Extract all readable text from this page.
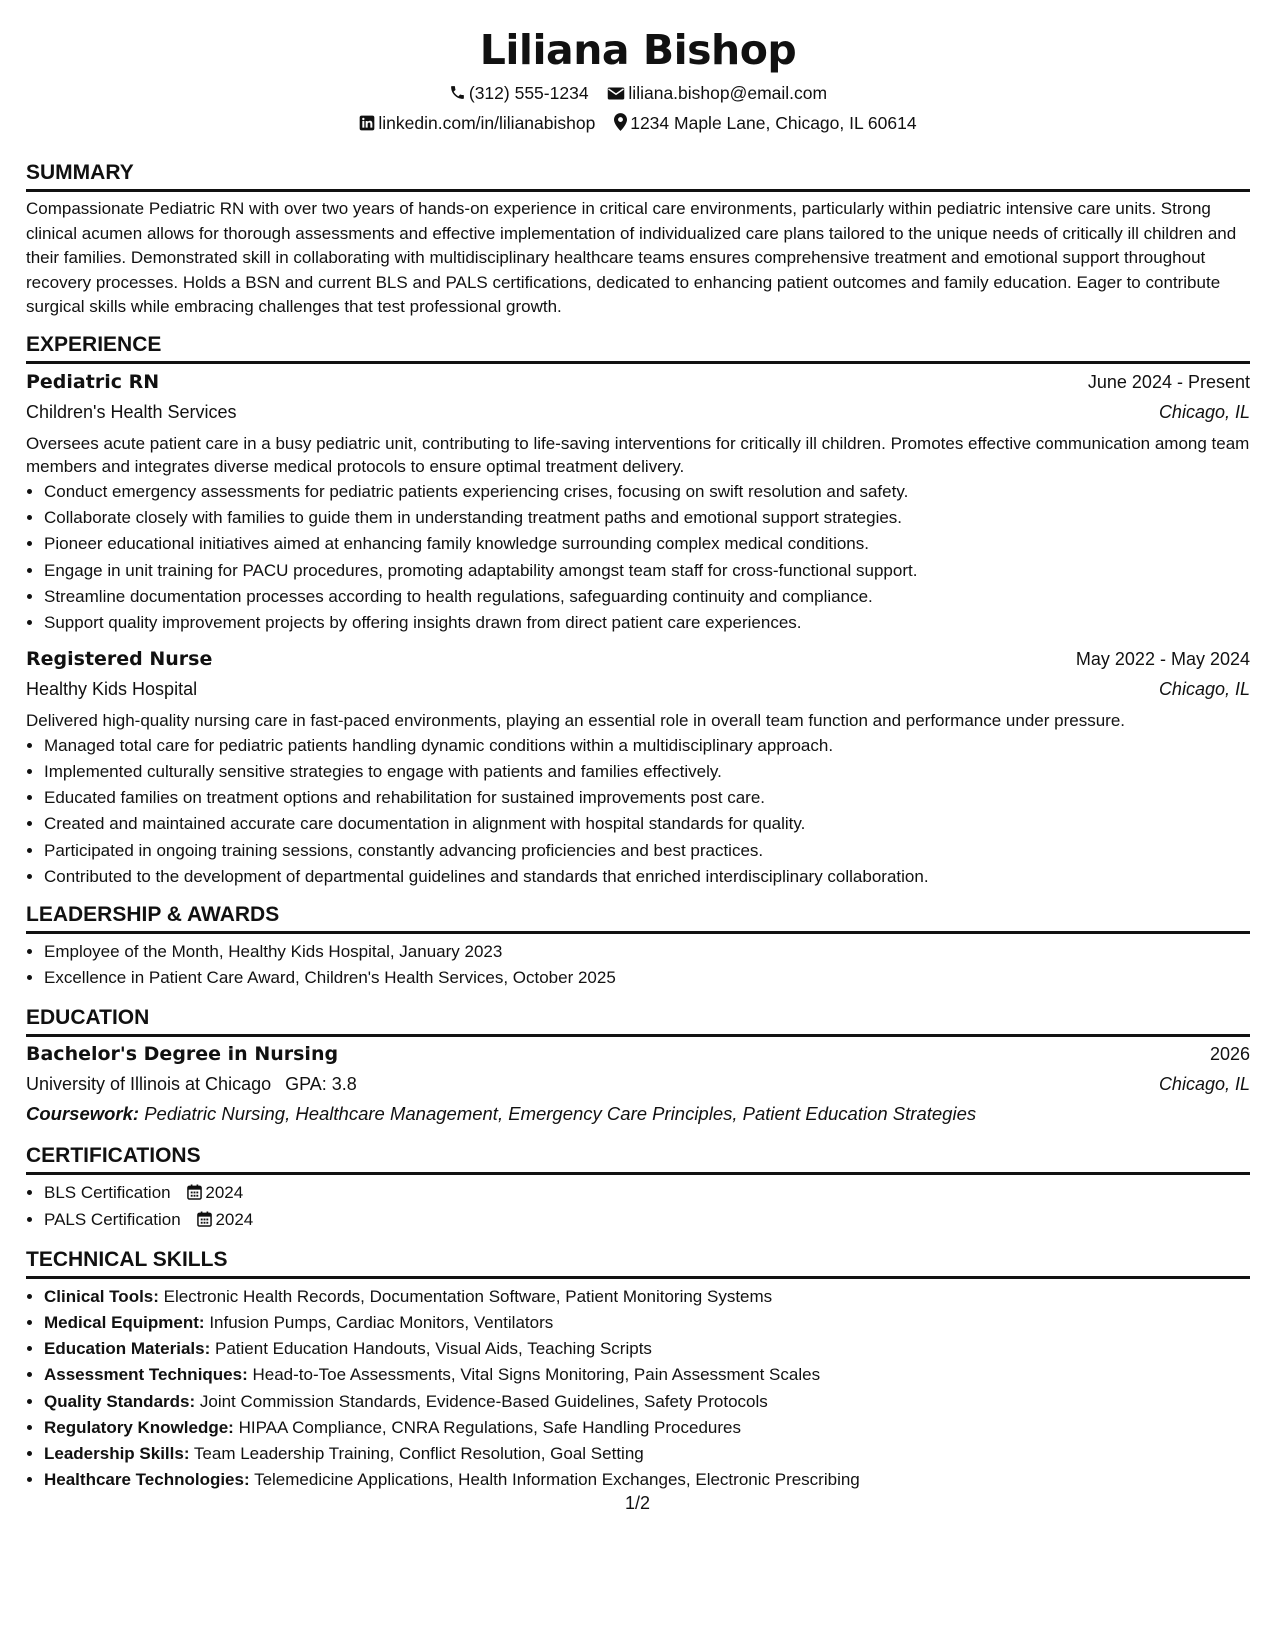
Liliana Bishop
(312) 555-1234 liliana.bishop@email.com
linkedin.com/in/lilianabishop 1234 Maple Lane, Chicago, IL 60614
SUMMARY

Compassionate Pediatric RN with over two years of hands-on experience in critical care environments, particularly within pediatric intensive care units. Strong clinical acumen allows for thorough assessments and effective implementation of individualized care plans tailored to the unique needs of critically ill children and their families. Demonstrated skill in collaborating with multidisciplinary healthcare teams ensures comprehensive treatment and emotional support throughout recovery processes. Holds a BSN and current BLS and PALS certifications, dedicated to enhancing patient outcomes and family education. Eager to contribute surgical skills while embracing challenges that test professional growth.

EXPERIENCE
Pediatric RN	June 2024 - Present
Children's Health Services	Chicago, IL
Oversees acute patient care in a busy pediatric unit, contributing to life-saving interventions for critically ill children. Promotes effective communication among team members and integrates diverse medical protocols to ensure optimal treatment delivery.
• Conduct emergency assessments for pediatric patients experiencing crises, focusing on swift resolution and safety.
• Collaborate closely with families to guide them in understanding treatment paths and emotional support strategies.
• Pioneer educational initiatives aimed at enhancing family knowledge surrounding complex medical conditions.
• Engage in unit training for PACU procedures, promoting adaptability amongst team staff for cross-functional support.
• Streamline documentation processes according to health regulations, safeguarding continuity and compliance.
• Support quality improvement projects by offering insights drawn from direct patient care experiences.
Registered Nurse	May 2022 - May 2024
Healthy Kids Hospital	Chicago, IL
Delivered high-quality nursing care in fast-paced environments, playing an essential role in overall team function and performance under pressure.
• Managed total care for pediatric patients handling dynamic conditions within a multidisciplinary approach.
• Implemented culturally sensitive strategies to engage with patients and families effectively.
• Educated families on treatment options and rehabilitation for sustained improvements post care.
• Created and maintained accurate care documentation in alignment with hospital standards for quality.
• Participated in ongoing training sessions, constantly advancing proficiencies and best practices.
• Contributed to the development of departmental guidelines and standards that enriched interdisciplinary collaboration.
LEADERSHIP & AWARDS
• Employee of the Month, Healthy Kids Hospital, January 2023
• Excellence in Patient Care Award, Children's Health Services, October 2025
EDUCATION
Bachelor's Degree in Nursing	2026
University of Illinois at Chicago GPA: 3.8	Chicago, IL
Coursework: Pediatric Nursing, Healthcare Management, Emergency Care Principles, Patient Education Strategies
CERTIFICATIONS
• BLS Certification 2024
• PALS Certification 2024
TECHNICAL SKILLS
• Clinical Tools: Electronic Health Records, Documentation Software, Patient Monitoring Systems
• Medical Equipment: Infusion Pumps, Cardiac Monitors, Ventilators
• Education Materials: Patient Education Handouts, Visual Aids, Teaching Scripts
• Assessment Techniques: Head-to-Toe Assessments, Vital Signs Monitoring, Pain Assessment Scales
• Quality Standards: Joint Commission Standards, Evidence-Based Guidelines, Safety Protocols
• Regulatory Knowledge: HIPAA Compliance, CNRA Regulations, Safe Handling Procedures
• Leadership Skills: Team Leadership Training, Conflict Resolution, Goal Setting
• Healthcare Technologies: Telemedicine Applications, Health Information Exchanges, Electronic Prescribing
1/2
